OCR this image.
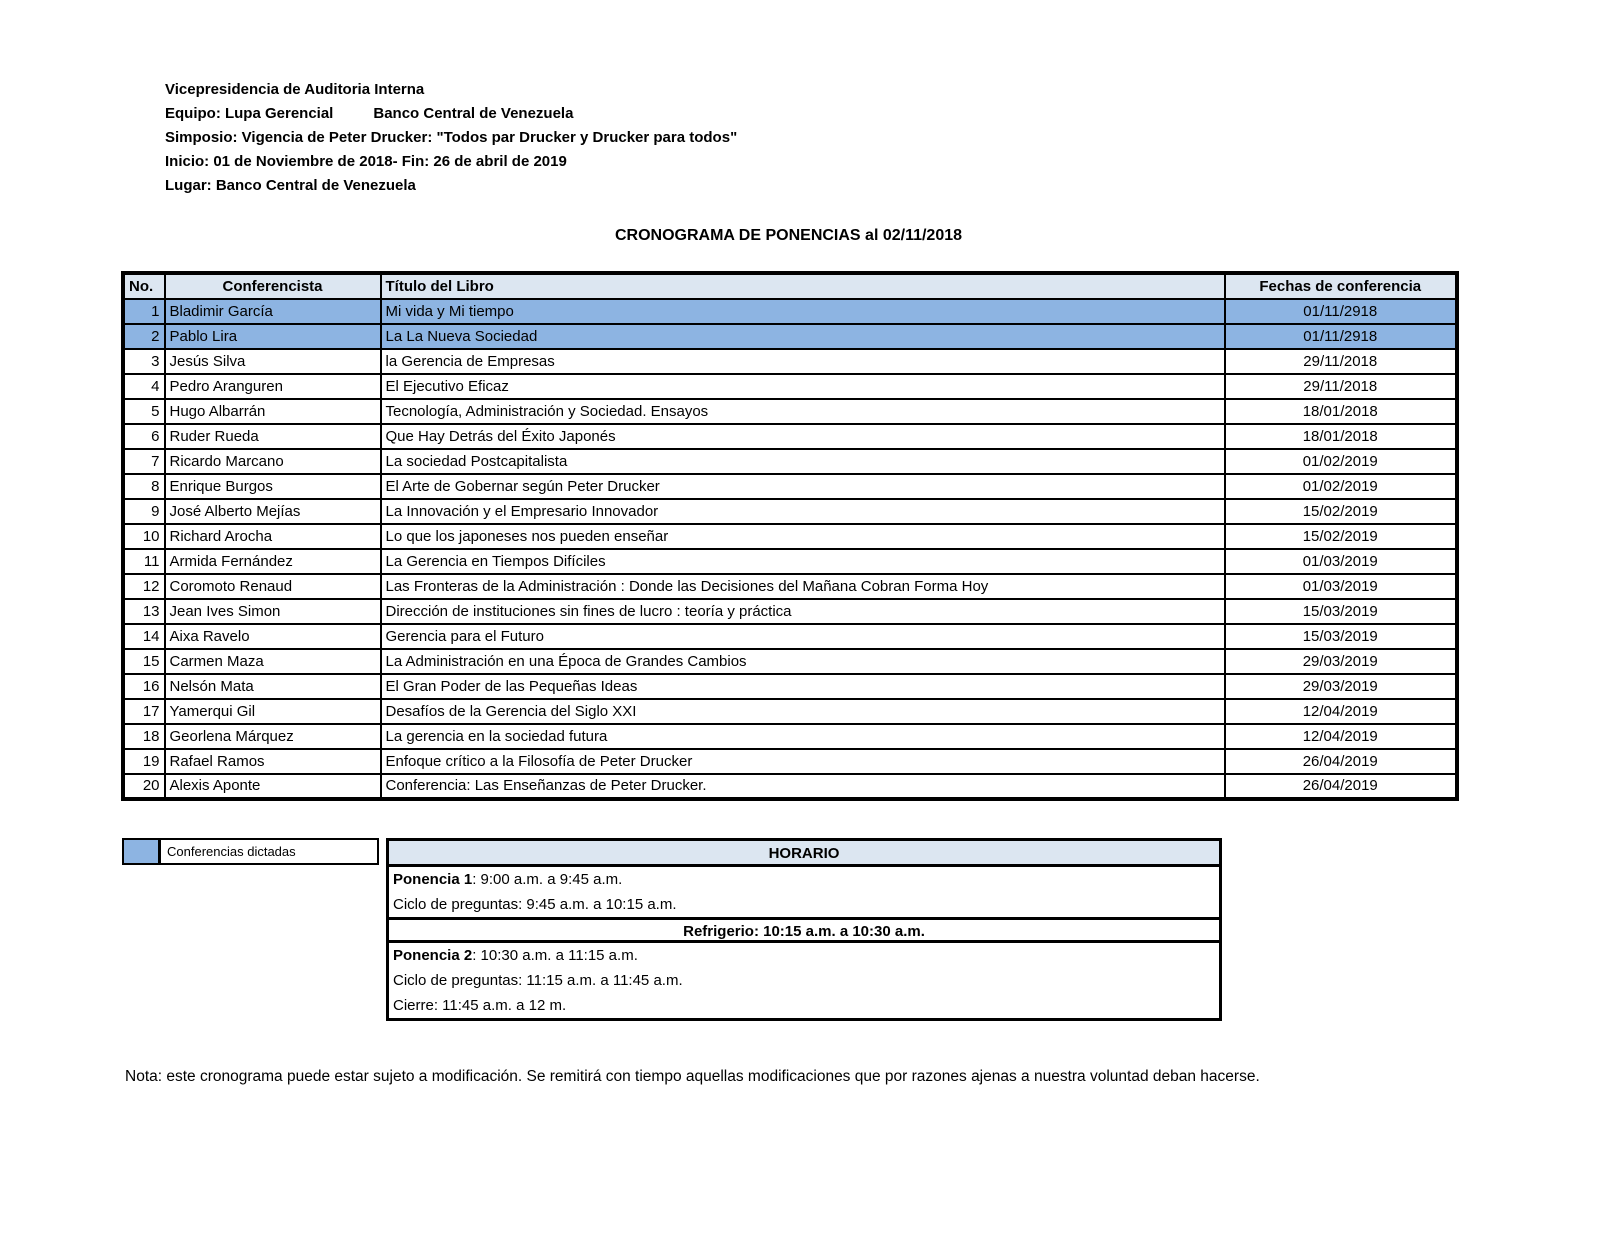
Vicepresidencia de Auditoria Interna
Equipo: Lupa Gerencial	Banco Central de Venezuela
Simposio: Vigencia de Peter Drucker: "Todos par Drucker y Drucker para todos"
Inicio: 01 de Noviembre de 2018- Fin: 26 de abril de 2019
Lugar: Banco Central de Venezuela
CRONOGRAMA DE PONENCIAS al 02/11/2018
No.	Conferencista	Título del Libro	Fechas de conferencia
1	Bladimir García	Mi vida y Mi tiempo	01/11/2918
2	Pablo Lira	La La Nueva Sociedad	01/11/2918
3	Jesús Silva	la Gerencia de Empresas	29/11/2018
4	Pedro Aranguren	El Ejecutivo Eficaz	29/11/2018
5	Hugo Albarrán	Tecnología, Administración y Sociedad. Ensayos	18/01/2018
6	Ruder Rueda	Que Hay Detrás del Éxito Japonés	18/01/2018
7	Ricardo Marcano	La sociedad Postcapitalista	01/02/2019
8	Enrique Burgos	El Arte de Gobernar según Peter Drucker	01/02/2019
9	José Alberto Mejías	La Innovación y el Empresario Innovador	15/02/2019
10	Richard Arocha	Lo que los japoneses nos pueden enseñar	15/02/2019
11	Armida Fernández	La Gerencia en Tiempos Difíciles	01/03/2019
12	Coromoto Renaud	Las Fronteras de la Administración : Donde las Decisiones del Mañana Cobran Forma Hoy	01/03/2019
13	Jean Ives Simon	Dirección de instituciones sin fines de lucro : teoría y práctica	15/03/2019
14	Aixa Ravelo	Gerencia para el Futuro	15/03/2019
15	Carmen Maza	La Administración en una Época de Grandes Cambios	29/03/2019
16	Nelsón Mata	El Gran Poder de las Pequeñas Ideas	29/03/2019
17	Yamerqui Gil	Desafíos de la Gerencia del Siglo XXI	12/04/2019
18	Georlena Márquez	La gerencia en la sociedad futura	12/04/2019
19	Rafael Ramos	Enfoque crítico a la Filosofía de Peter Drucker	26/04/2019
20	Alexis Aponte	Conferencia: Las Enseñanzas de Peter Drucker.	26/04/2019
Conferencias dictadas	HORARIO
Ponencia 1: 9:00 a.m. a 9:45 a.m.
Ciclo de preguntas: 9:45 a.m. a 10:15 a.m.
Refrigerio: 10:15 a.m. a 10:30 a.m.
Ponencia 2: 10:30 a.m. a 11:15 a.m.
Ciclo de preguntas: 11:15 a.m. a 11:45 a.m.
Cierre: 11:45 a.m. a 12 m.
Nota: este cronograma puede estar sujeto a modificación. Se remitirá con tiempo aquellas modificaciones que por razones ajenas a nuestra voluntad deban hacerse.
